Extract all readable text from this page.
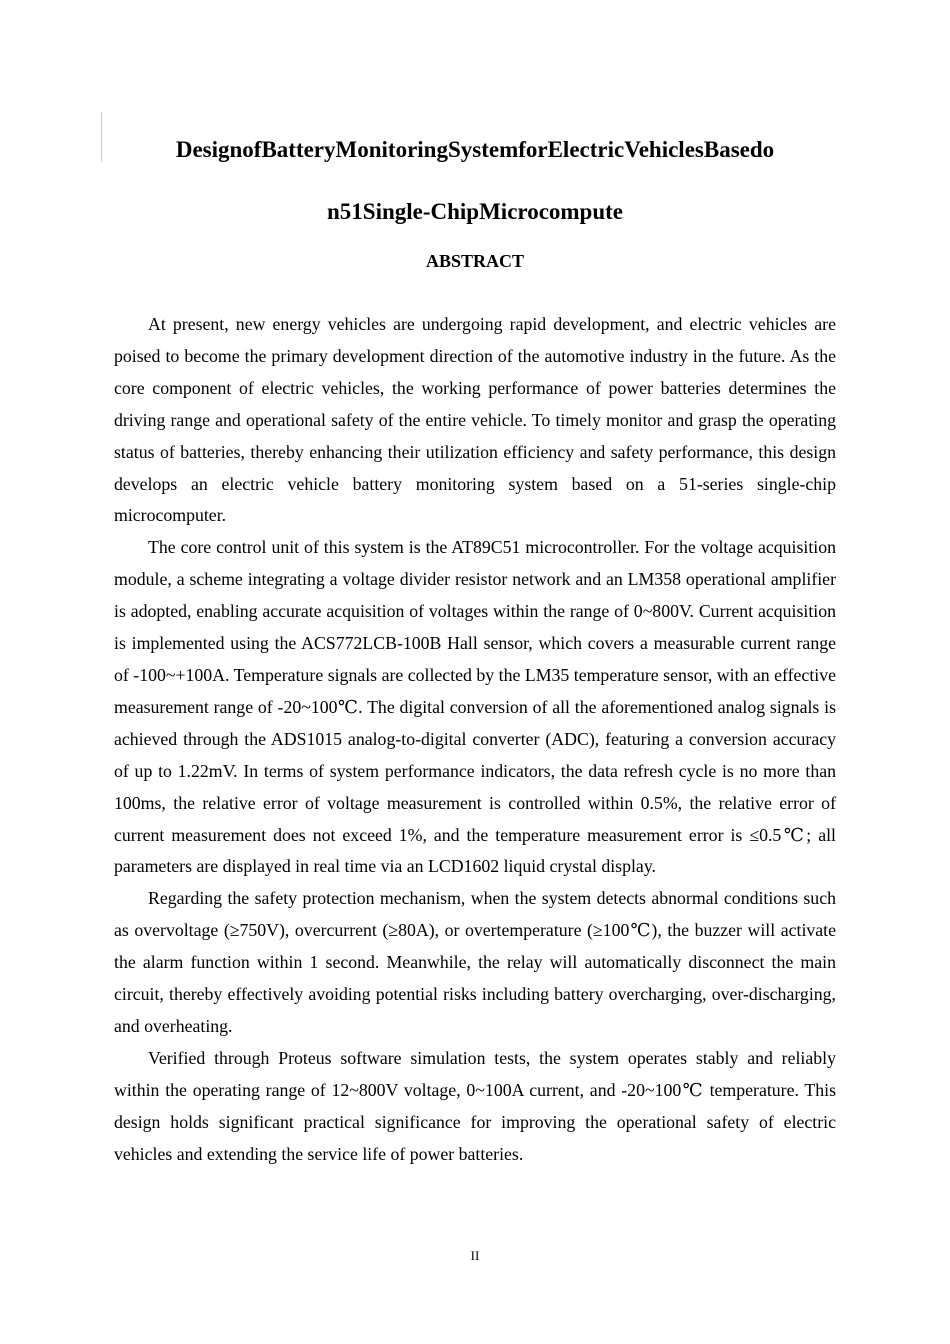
DesignofBatteryMonitoringSystemforElectricVehiclesBasedo
n51Single-ChipMicrocompute
ABSTRACT

At present, new energy vehicles are undergoing rapid development, and electric vehicles are poised to become the primary development direction of the automotive industry in the future. As the core component of electric vehicles, the working performance of power batteries determines the driving range and operational safety of the entire vehicle. To timely monitor and grasp the operating status of batteries, thereby enhancing their utilization efficiency and safety performance, this design develops an electric vehicle battery monitoring system based on a 51-series single-chip microcomputer.

The core control unit of this system is the AT89C51 microcontroller. For the voltage acquisition module, a scheme integrating a voltage divider resistor network and an LM358 operational amplifier is adopted, enabling accurate acquisition of voltages within the range of 0~800V. Current acquisition is implemented using the ACS772LCB-100B Hall sensor, which covers a measurable current range of -100~+100A. Temperature signals are collected by the LM35 temperature sensor, with an effective measurement range of -20~100℃. The digital conversion of all the aforementioned analog signals is achieved through the ADS1015 analog-to-digital converter (ADC), featuring a conversion accuracy of up to 1.22mV. In terms of system performance indicators, the data refresh cycle is no more than 100ms, the relative error of voltage measurement is controlled within 0.5%, the relative error of current measurement does not exceed 1%, and the temperature measurement error is ≤0.5℃; all parameters are displayed in real time via an LCD1602 liquid crystal display.

Regarding the safety protection mechanism, when the system detects abnormal conditions such as overvoltage (≥750V), overcurrent (≥80A), or overtemperature (≥100℃), the buzzer will activate the alarm function within 1 second. Meanwhile, the relay will automatically disconnect the main circuit, thereby effectively avoiding potential risks including battery overcharging, over-discharging, and overheating.

Verified through Proteus software simulation tests, the system operates stably and reliably within the operating range of 12~800V voltage, 0~100A current, and -20~100℃ temperature. This design holds significant practical significance for improving the operational safety of electric vehicles and extending the service life of power batteries.

II
